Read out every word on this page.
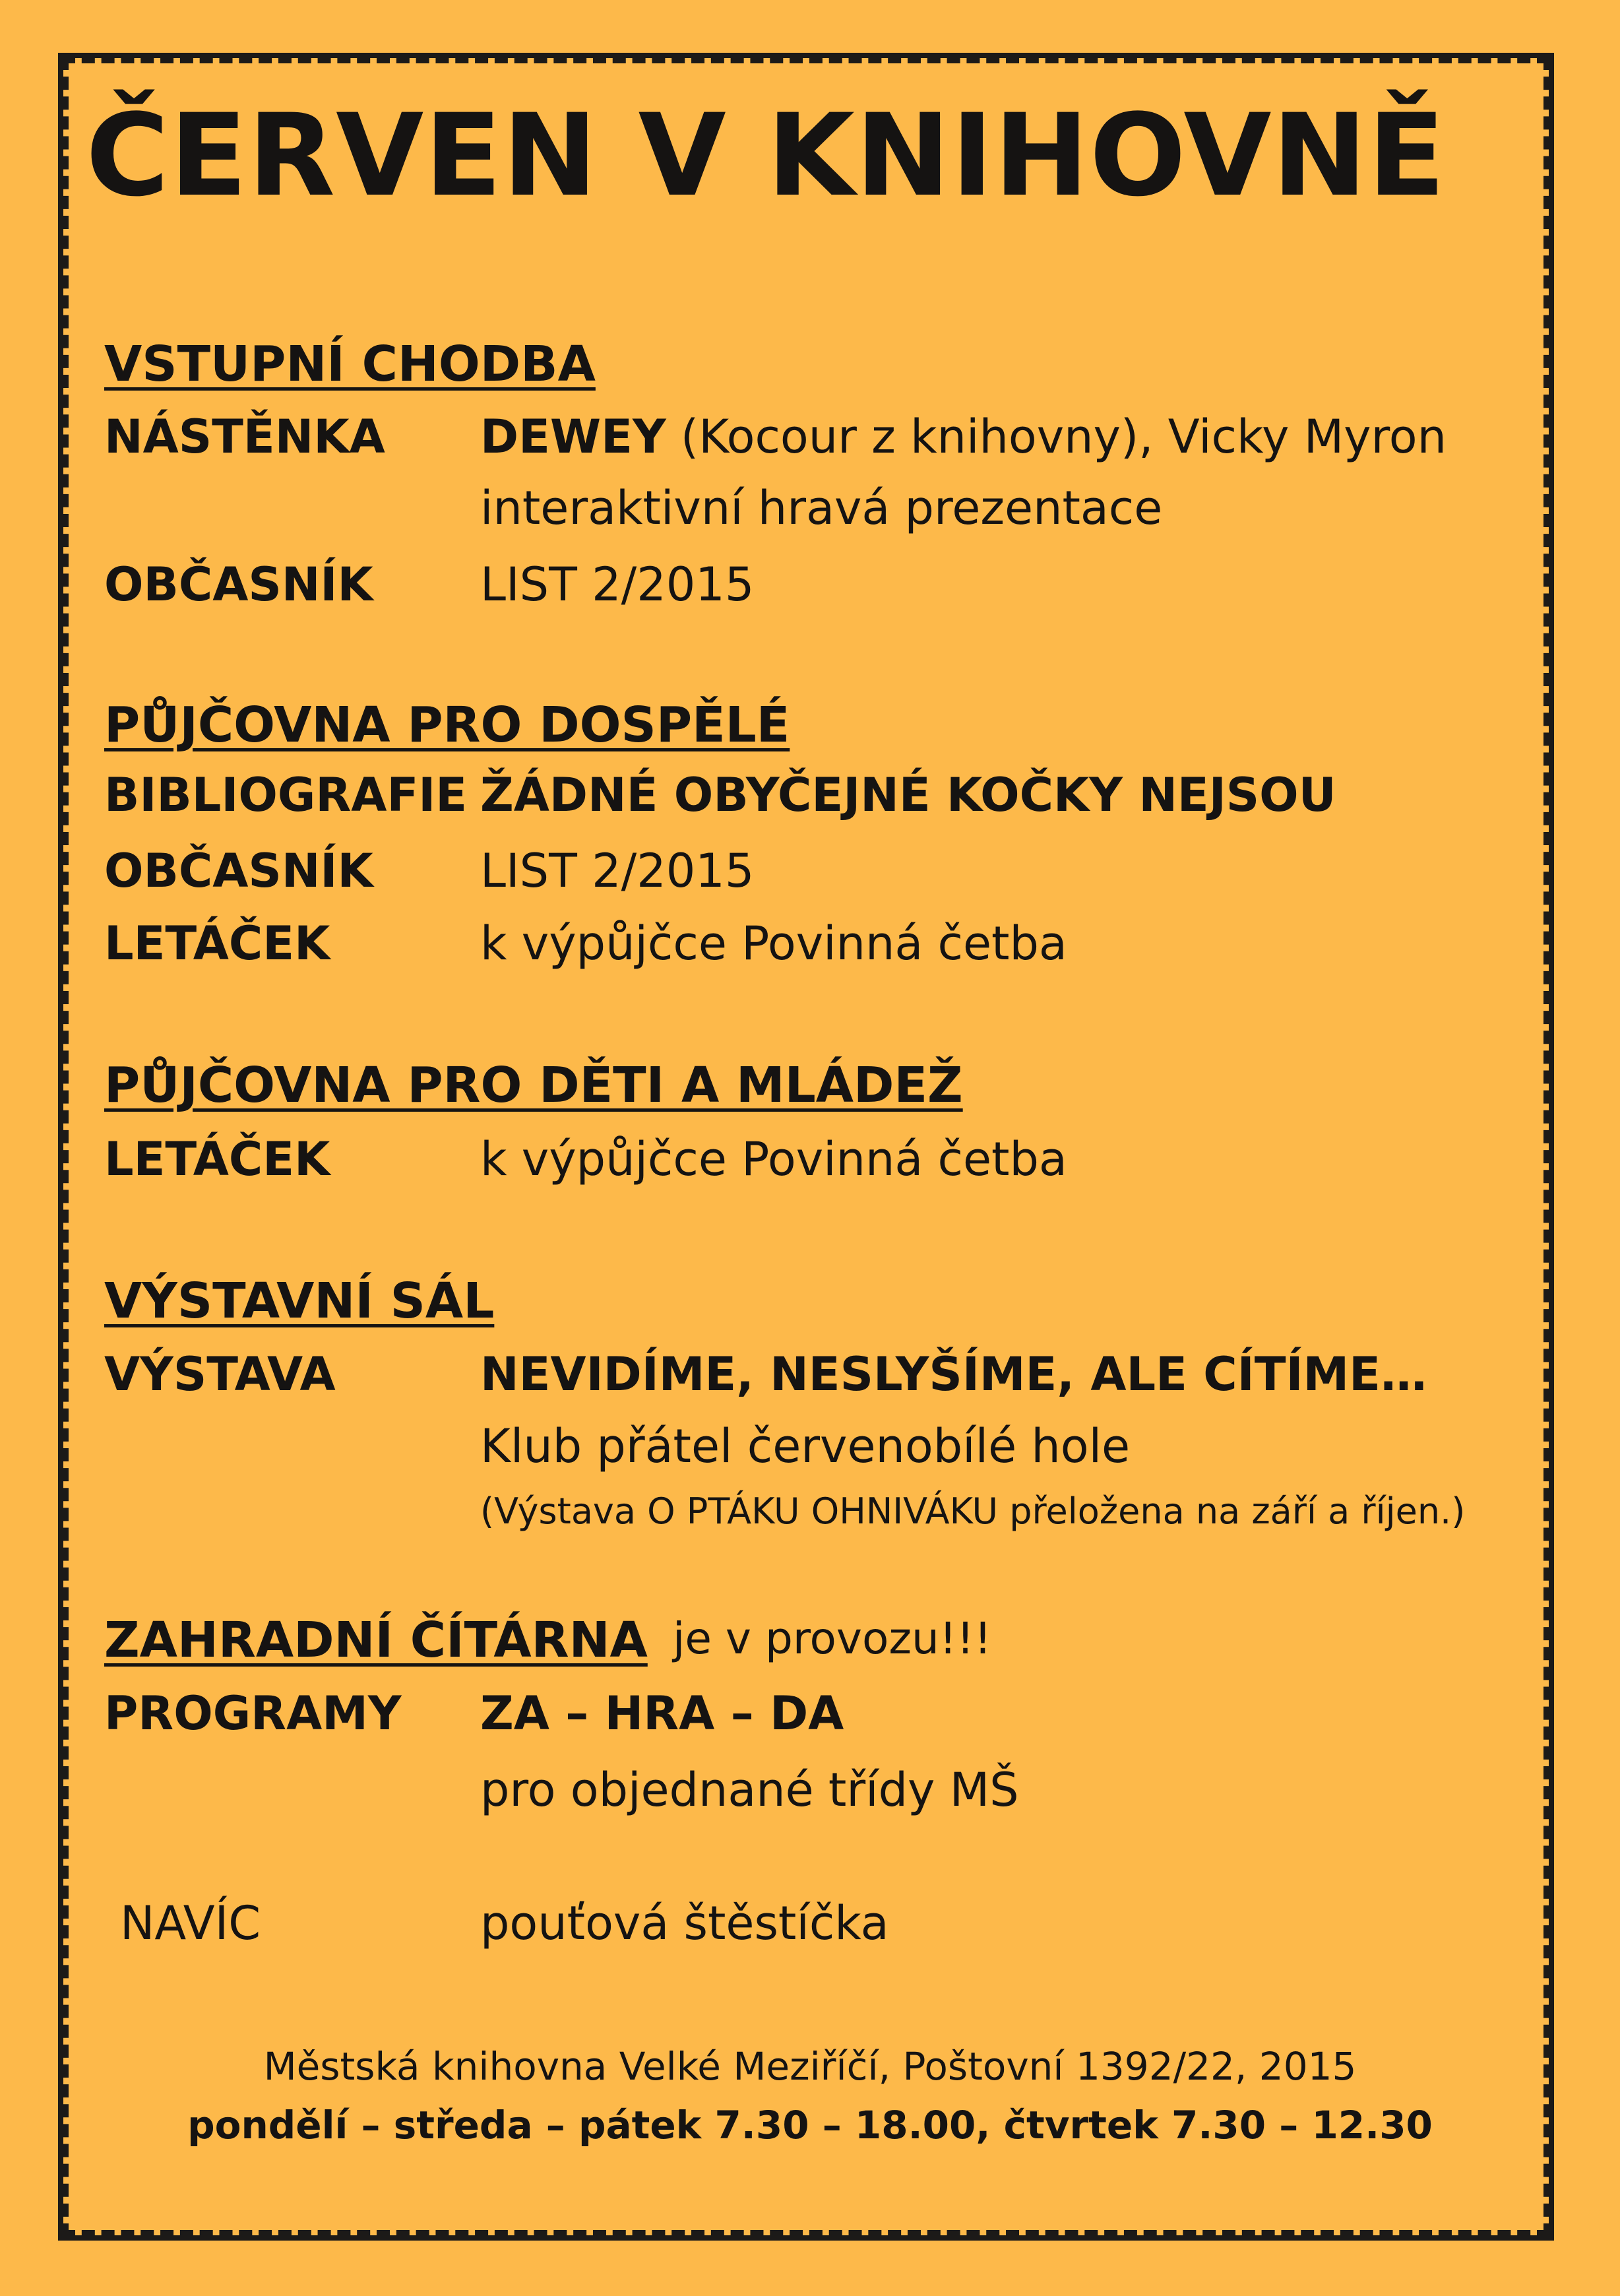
ČERVEN V KNIHOVNĚ
VSTUPNÍ CHODBA
NÁSTĚNKA DEWEY (Kocour z knihovny), Vicky Myron
interaktivní hravá prezentace
OBČASNÍK LIST 2/2015
PŮJČOVNA PRO DOSPĚLÉ
BIBLIOGRAFIE ŽÁDNÉ OBYČEJNÉ KOČKY NEJSOU
OBČASNÍK LIST 2/2015
LETÁČEK	k výpůjčce Povinná četba
PŮJČOVNA PRO DĚTI A MLÁDEŽ
LETÁČEK	k výpůjčce Povinná četba
VÝSTAVNÍ SÁL
VÝSTAVA	NEVIDÍME, NESLYŠÍME, ALE CÍTÍME…
Klub přátel červenobílé hole
(Výstava O PTÁKU OHNIVÁKU přeložena na září a říjen.)
ZAHRADNÍ ČÍTÁRNA je v provozu!!!
PROGRAMY ZA – HRA – DA
pro objednané třídy MŠ
NAVÍC	pouťová štěstíčka
Městská knihovna Velké Meziříčí, Poštovní 1392/22, 2015
pondělí – středa – pátek 7.30 – 18.00, čtvrtek 7.30 – 12.30
